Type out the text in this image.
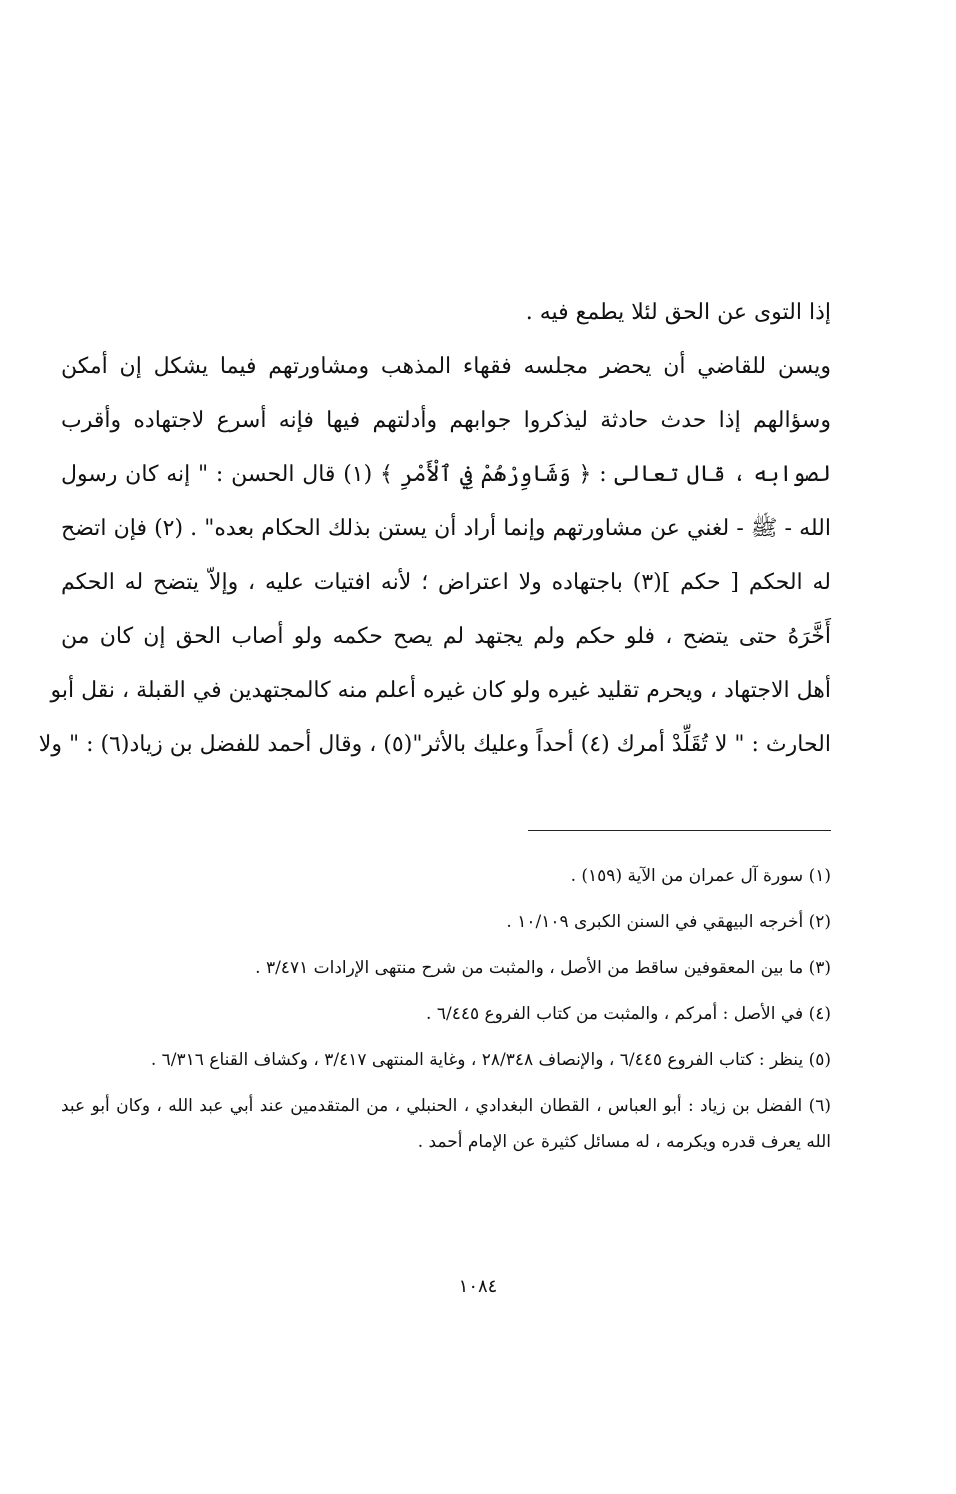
إذا التوى عن الحق لئلا يطمع فيه .
ويسن للقاضي أن يحضر مجلسه فقهاء المذهب ومشاورتهم فيما يشكل إن أمكن
وسؤالهم إذا حدث حادثة ليذكروا جوابهم وأدلتهم فيها فإنه أسرع لاجتهاده وأقرب
لصوابه ، قال تعالى : ﴿ وَشَاوِرْهُمْ فِي ٱلْأَمْرِ ﴾ (١) قال الحسن : " إنه كان رسول
الله - ﷺ - لغني عن مشاورتهم وإنما أراد أن يستن بذلك الحكام بعده" . (٢) فإن اتضح
له الحكم [ حكم ](٣) باجتهاده ولا اعتراض ؛ لأنه افتيات عليه ، وإلاّ يتضح له الحكم
أَخَّرَهُ حتى يتضح ، فلو حكم ولم يجتهد لم يصح حكمه ولو أصاب الحق إن كان من
أهل الاجتهاد ، ويحرم تقليد غيره ولو كان غيره أعلم منه كالمجتهدين في القبلة ، نقل أبو
الحارث : " لا تُقَلِّدْ أمرك (٤) أحداً وعليك بالأثر"(٥) ، وقال أحمد للفضل بن زياد(٦) : " ولا
(١) سورة آل عمران من الآية (١٥٩) .
(٢) أخرجه البيهقي في السنن الكبرى ١٠/١٠٩ .
(٣) ما بين المعقوفين ساقط من الأصل ، والمثبت من شرح منتهى الإرادات ٣/٤٧١ .
(٤) في الأصل : أمركم ، والمثبت من كتاب الفروع ٦/٤٤٥ .
(٥) ينظر : كتاب الفروع ٦/٤٤٥ ، والإنصاف ٢٨/٣٤٨ ، وغاية المنتهى ٣/٤١٧ ، وكشاف القناع ٦/٣١٦ .
(٦) الفضل بن زياد : أبو العباس ، القطان البغدادي ، الحنبلي ، من المتقدمين عند أبي عبد الله ، وكان أبو عبد الله يعرف قدره ويكرمه ، له مسائل كثيرة عن الإمام أحمد .
١٠٨٤
